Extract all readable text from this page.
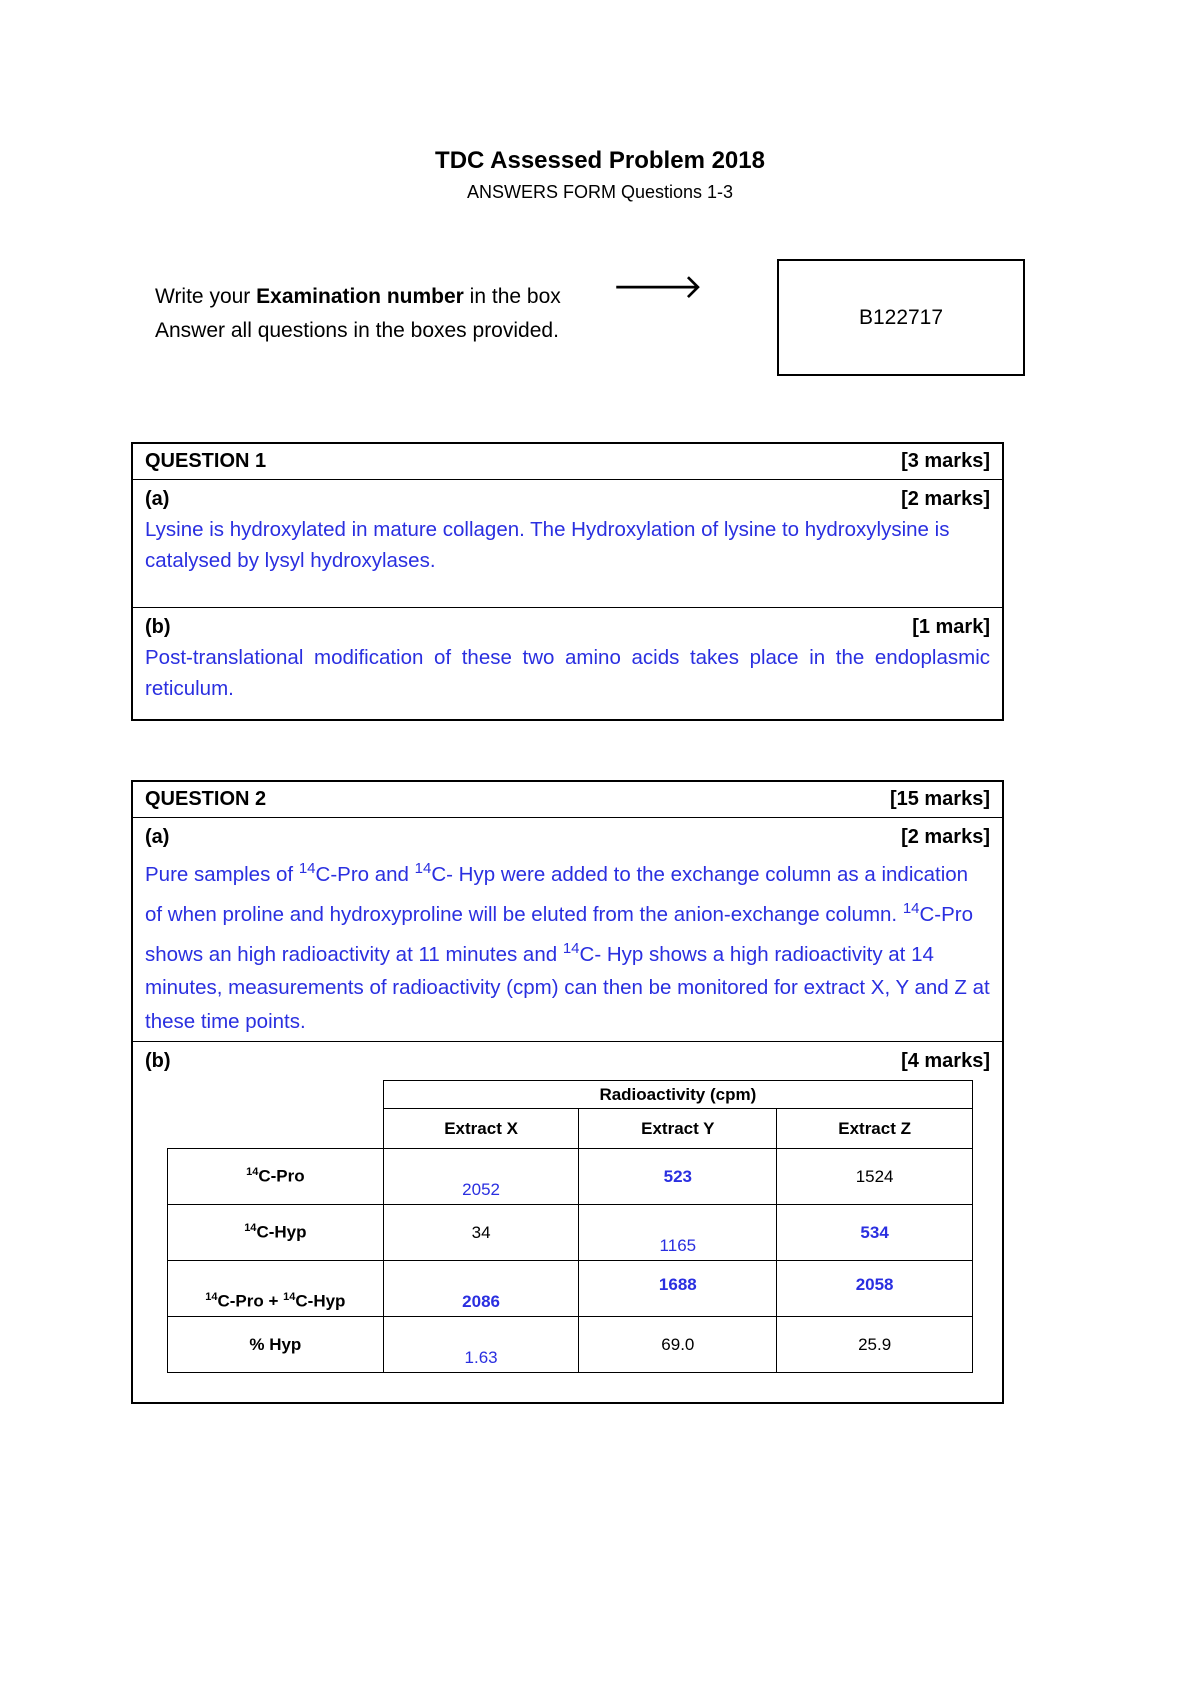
TDC Assessed Problem 2018
ANSWERS FORM Questions 1-3
Write your Examination number in the box
Answer all questions in the boxes provided.
🡒
B122717
QUESTION 1	[3 marks]
(a)	[2 marks]
Lysine is hydroxylated in mature collagen. The Hydroxylation of lysine to hydroxylysine is catalysed by lysyl hydroxylases.
(b)	[1 mark]
Post-translational modification of these two amino acids takes place in the endoplasmic reticulum.
QUESTION 2	[15 marks]
(a)	[2 marks]
Pure samples of $^{14}$C-Pro and $^{14}$C- Hyp were added to the exchange column as a indication of when proline and hydroxyproline will be eluted from the anion-exchange column. $^{14}$C-Pro shows an high radioactivity at 11 minutes and $^{14}$C- Hyp shows a high radioactivity at 14 minutes, measurements of radioactivity (cpm) can then be monitored for extract X, Y and Z at these time points.
(b)	[4 marks]
	Radioactivity (cpm)		
	Extract X	Extract Y	Extract Z
$^{14}$C-Pro	2052	523	1524
$^{14}$C-Hyp	34	1165	534
$^{14}$C-Pro + $^{14}$C-Hyp	2086	1688	2058
% Hyp	1.63	69.0	25.9
